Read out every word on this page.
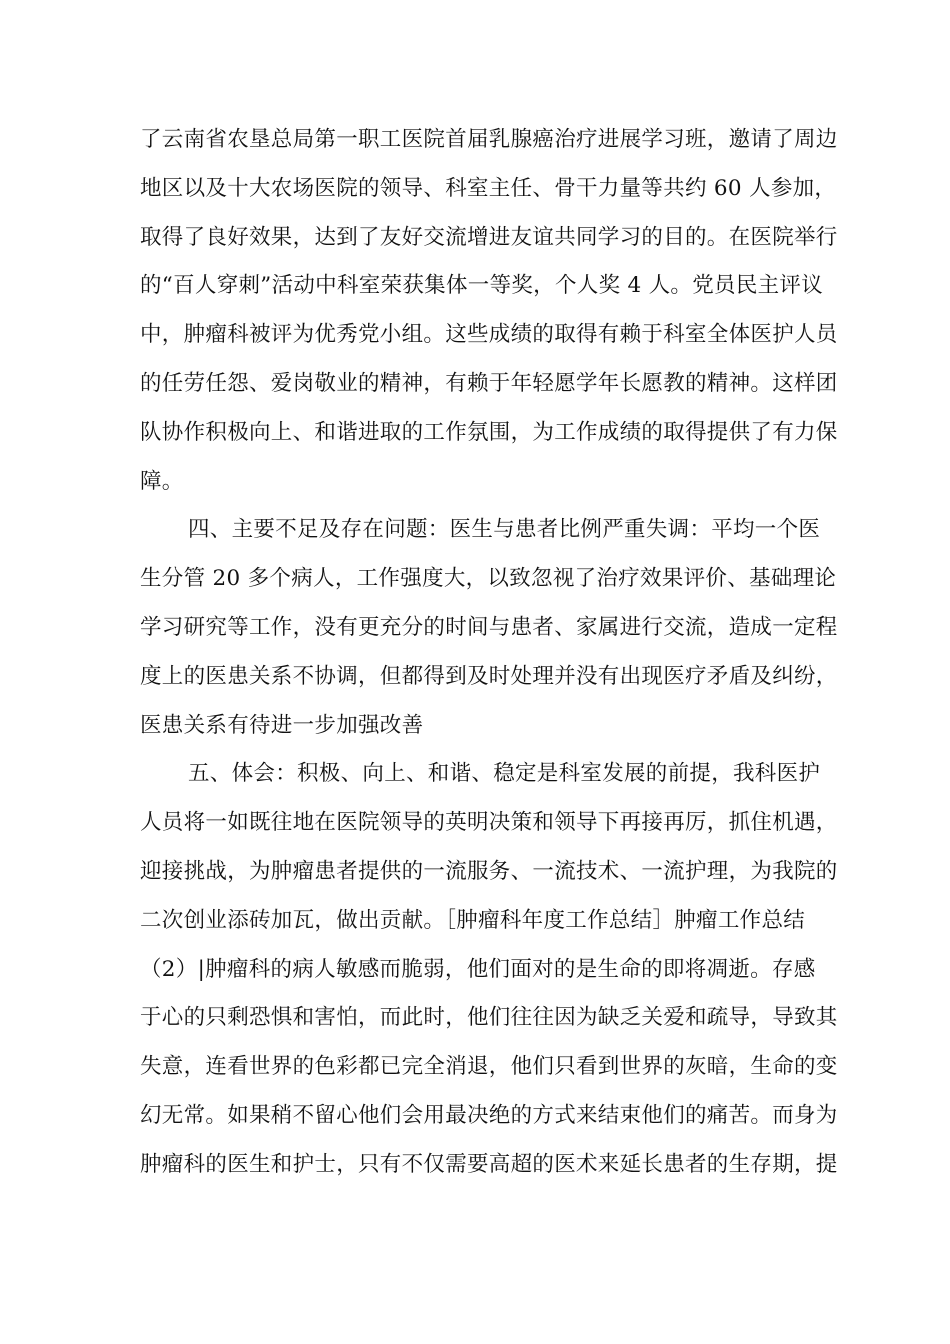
了云南省农垦总局第一职工医院首届乳腺癌治疗进展学习班，邀请了周边
地区以及十大农场医院的领导、科室主任、骨干力量等共约 60 人参加，
取得了良好效果，达到了友好交流增进友谊共同学习的目的。在医院举行
的“百人穿刺”活动中科室荣获集体一等奖，个人奖 4 人。党员民主评议
中，肿瘤科被评为优秀党小组。这些成绩的取得有赖于科室全体医护人员
的任劳任怨、爱岗敬业的精神，有赖于年轻愿学年长愿教的精神。这样团
队协作积极向上、和谐进取的工作氛围，为工作成绩的取得提供了有力保
障。
四、主要不足及存在问题：医生与患者比例严重失调：平均一个医
生分管 20 多个病人，工作强度大，以致忽视了治疗效果评价、基础理论
学习研究等工作，没有更充分的时间与患者、家属进行交流，造成一定程
度上的医患关系不协调，但都得到及时处理并没有出现医疗矛盾及纠纷，
医患关系有待进一步加强改善
五、体会：积极、向上、和谐、稳定是科室发展的前提，我科医护
人员将一如既往地在医院领导的英明决策和领导下再接再厉，抓住机遇，
迎接挑战，为肿瘤患者提供的一流服务、一流技术、一流护理，为我院的
二次创业添砖加瓦，做出贡献。［肿瘤科年度工作总结］肿瘤工作总结
（2）|肿瘤科的病人敏感而脆弱，他们面对的是生命的即将凋逝。存感
于心的只剩恐惧和害怕，而此时，他们往往因为缺乏关爱和疏导，导致其
失意，连看世界的色彩都已完全消退，他们只看到世界的灰暗，生命的变
幻无常。如果稍不留心他们会用最决绝的方式来结束他们的痛苦。而身为
肿瘤科的医生和护士，只有不仅需要高超的医术来延长患者的生存期，提
